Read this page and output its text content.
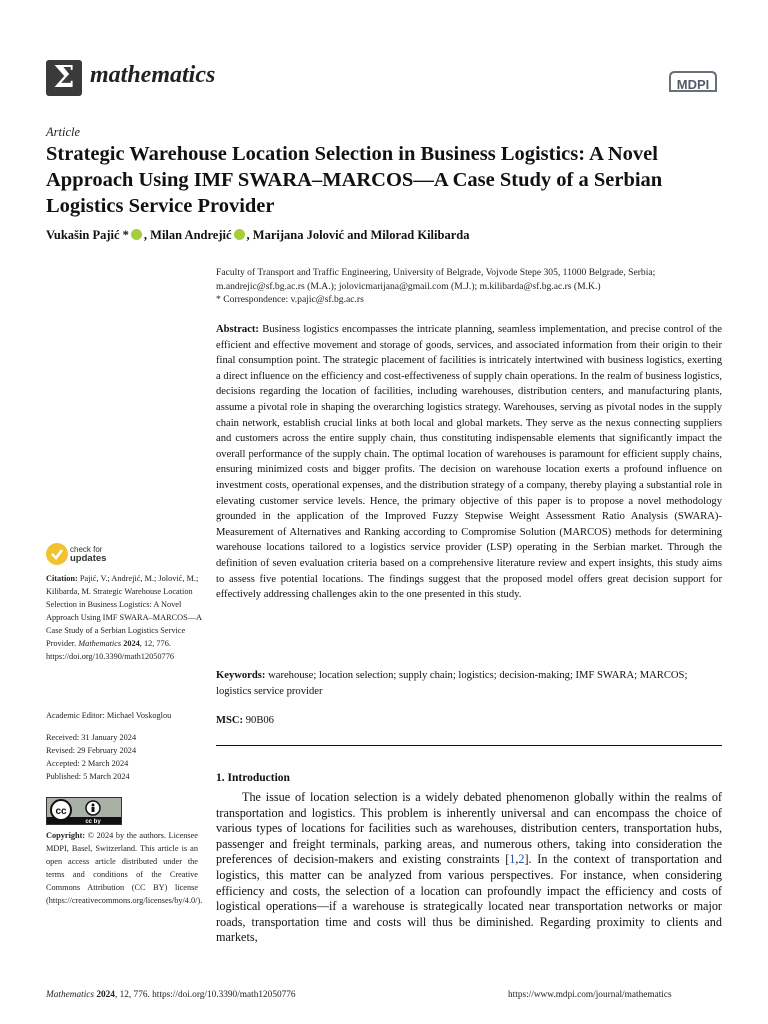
Σ mathematics	MDPI
Article
Strategic Warehouse Location Selection in Business Logistics: A Novel Approach Using IMF SWARA–MARCOS—A Case Study of a Serbian Logistics Service Provider
Vukašin Pajić * , Milan Andrejić , Marijana Jolović and Milorad Kilibarda
Faculty of Transport and Traffic Engineering, University of Belgrade, Vojvode Stepe 305, 11000 Belgrade, Serbia;
m.andrejic@sf.bg.ac.rs (M.A.); jolovicmarijana@gmail.com (M.J.); m.kilibarda@sf.bg.ac.rs (M.K.)
* Correspondence: v.pajic@sf.bg.ac.rs
Abstract: Business logistics encompasses the intricate planning, seamless implementation, and precise control of the efficient and effective movement and storage of goods, services, and associated information from their origin to their final consumption point. The strategic placement of facilities is intricately intertwined with business logistics, exerting a direct influence on the efficiency and cost-effectiveness of supply chain operations. In the realm of business logistics, decisions regarding the location of facilities, including warehouses, distribution centers, and manufacturing plants, assume a pivotal role in shaping the overarching logistics strategy. Warehouses, serving as pivotal nodes in the supply chain network, establish crucial links at both local and global markets. They serve as the nexus connecting suppliers and customers across the entire supply chain, thus constituting indispensable elements that significantly impact the overall performance of the supply chain. The optimal location of warehouses is paramount for efficient supply chains, ensuring minimized costs and bigger profits. The decision on warehouse location exerts a profound influence on investment costs, operational expenses, and the distribution strategy of a company, thereby playing a substantial role in elevating customer service levels. Hence, the primary objective of this paper is to propose a novel methodology grounded in the application of the Improved Fuzzy Stepwise Weight Assessment Ratio Analysis (SWARA)-Measurement of Alternatives and Ranking according to Compromise Solution (MARCOS) methods for determining warehouse locations tailored to a logistics service provider (LSP) operating in the Serbian market. Through the definition of seven evaluation criteria based on a comprehensive literature review and expert insights, this study aims to assess five potential locations. The findings suggest that the proposed model offers great decision support for effectively addressing challenges akin to the one presented in this study.
Keywords: warehouse; location selection; supply chain; logistics; decision-making; IMF SWARA; MARCOS; logistics service provider
MSC: 90B06
1. Introduction
The issue of location selection is a widely debated phenomenon globally within the realms of transportation and logistics. This problem is inherently universal and can encompass the choice of various types of locations for facilities such as warehouses, distribution centers, transportation hubs, passenger and freight terminals, parking areas, and numerous others, taking into consideration the preferences of decision-makers and existing constraints [1,2]. In the context of transportation and logistics, this matter can be analyzed from various perspectives. For instance, when considering efficiency and costs, the selection of a location can profoundly impact the efficiency and costs of logistical operations—if a warehouse is strategically located near transportation networks or major roads, transportation time and costs will thus be diminished. Regarding proximity to clients and markets,
check for
updates
Citation: Pajić, V.; Andrejić, M.; Jolović, M.; Kilibarda, M. Strategic Warehouse Location Selection in Business Logistics: A Novel Approach Using IMF SWARA–MARCOS—A Case Study of a Serbian Logistics Service Provider. Mathematics 2024, 12, 776. https://doi.org/10.3390/math12050776
Academic Editor: Michael Voskoglou
Received: 31 January 2024
Revised: 29 February 2024
Accepted: 2 March 2024
Published: 5 March 2024
cc
cc by
Copyright: © 2024 by the authors. Licensee MDPI, Basel, Switzerland. This article is an open access article distributed under the terms and conditions of the Creative Commons Attribution (CC BY) license (https://creativecommons.org/licenses/by/4.0/).
Mathematics 2024, 12, 776. https://doi.org/10.3390/math12050776	https://www.mdpi.com/journal/mathematics
